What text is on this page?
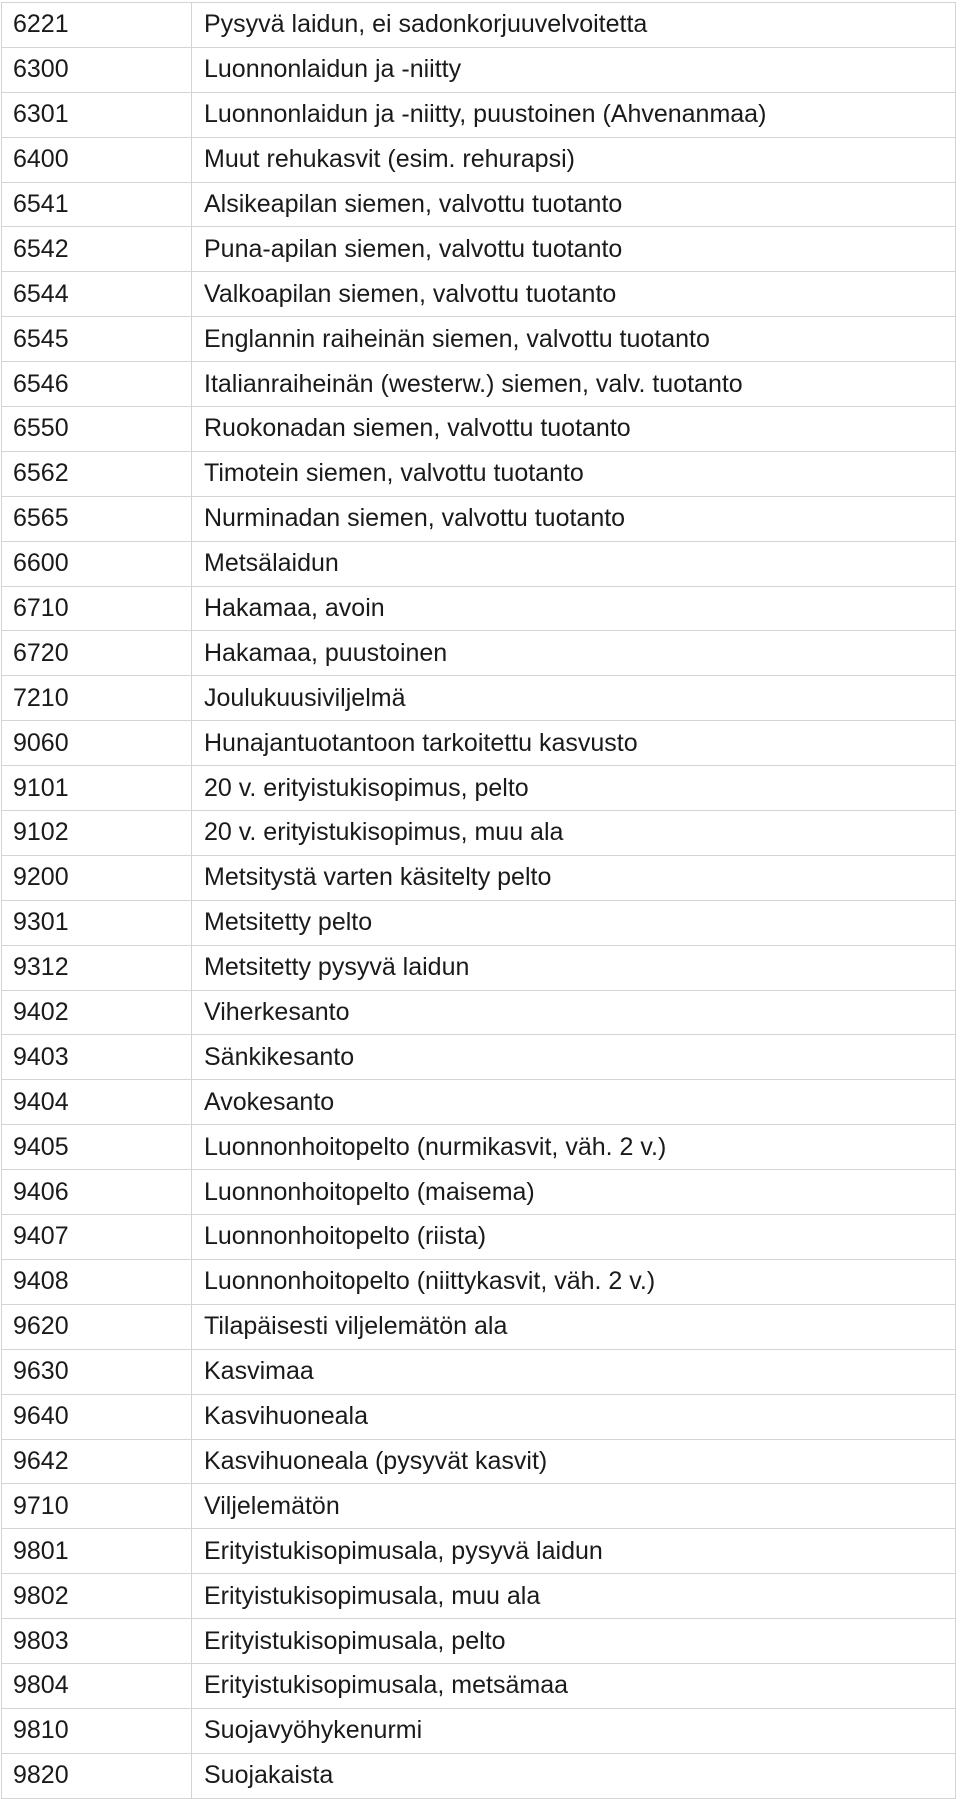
6221	Pysyvä laidun, ei sadonkorjuuvelvoitetta
6300	Luonnonlaidun ja -niitty
6301	Luonnonlaidun ja -niitty, puustoinen (Ahvenanmaa)
6400	Muut rehukasvit (esim. rehurapsi)
6541	Alsikeapilan siemen, valvottu tuotanto
6542	Puna-apilan siemen, valvottu tuotanto
6544	Valkoapilan siemen, valvottu tuotanto
6545	Englannin raiheinän siemen, valvottu tuotanto
6546	Italianraiheinän (westerw.) siemen, valv. tuotanto
6550	Ruokonadan siemen, valvottu tuotanto
6562	Timotein siemen, valvottu tuotanto
6565	Nurminadan siemen, valvottu tuotanto
6600	Metsälaidun
6710	Hakamaa, avoin
6720	Hakamaa, puustoinen
7210	Joulukuusiviljelmä
9060	Hunajantuotantoon tarkoitettu kasvusto
9101	20 v. erityistukisopimus, pelto
9102	20 v. erityistukisopimus, muu ala
9200	Metsitystä varten käsitelty pelto
9301	Metsitetty pelto
9312	Metsitetty pysyvä laidun
9402	Viherkesanto
9403	Sänkikesanto
9404	Avokesanto
9405	Luonnonhoitopelto (nurmikasvit, väh. 2 v.)
9406	Luonnonhoitopelto (maisema)
9407	Luonnonhoitopelto (riista)
9408	Luonnonhoitopelto (niittykasvit, väh. 2 v.)
9620	Tilapäisesti viljelemätön ala
9630	Kasvimaa
9640	Kasvihuoneala
9642	Kasvihuoneala (pysyvät kasvit)
9710	Viljelemätön
9801	Erityistukisopimusala, pysyvä laidun
9802	Erityistukisopimusala, muu ala
9803	Erityistukisopimusala, pelto
9804	Erityistukisopimusala, metsämaa
9810	Suojavyöhykenurmi
9820	Suojakaista
